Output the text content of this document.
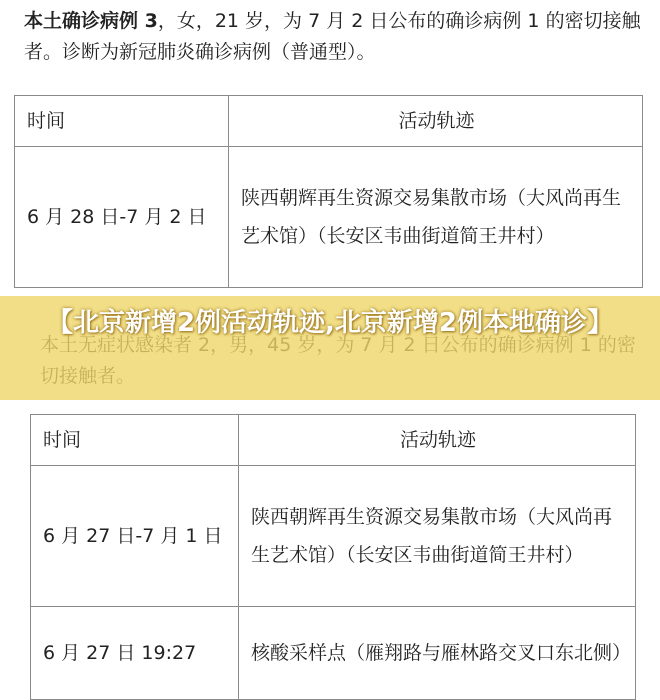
本土确诊病例 3，女，21 岁，为 7 月 2 日公布的确诊病例 1 的密切接触者。诊断为新冠肺炎确诊病例（普通型）。
时间	活动轨迹
6 月 28 日-7 月 2 日	陕西朝辉再生资源交易集散市场（大风尚再生艺术馆）（长安区韦曲街道简王井村）
【北京新增2例活动轨迹,北京新增2例本地确诊】
时间	活动轨迹
6 月 27 日-7 月 1 日	陕西朝辉再生资源交易集散市场（大风尚再生艺术馆）（长安区韦曲街道简王井村）
6 月 27 日 19:27	核酸采样点（雁翔路与雁林路交叉口东北侧）
